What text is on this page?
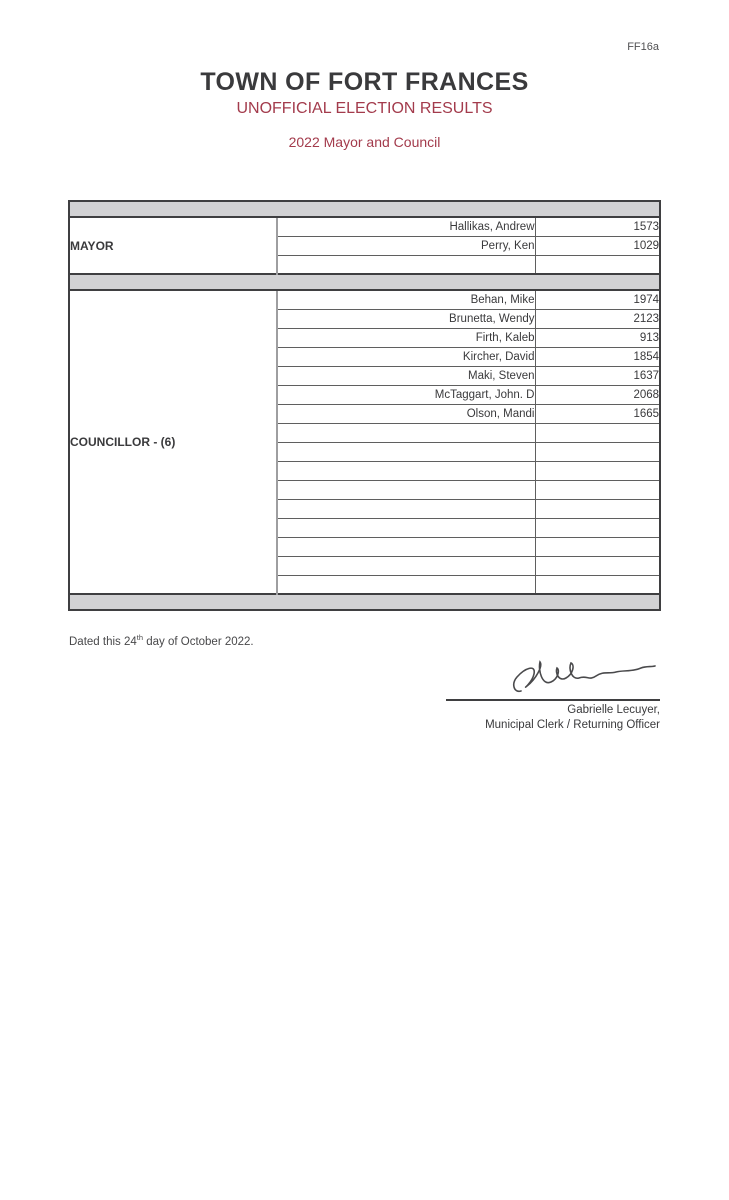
FF16a
TOWN OF FORT FRANCES
UNOFFICIAL ELECTION RESULTS
2022 Mayor and Council

MAYOR	Hallikas, Andrew	1573
	Perry, Ken	1029

COUNCILLOR - (6)	Behan, Mike	1974
	Brunetta, Wendy	2123
	Firth, Kaleb	913
	Kircher, David	1854
	Maki, Steven	1637
	McTaggart, John. D	2068
	Olson, Mandi	1665

Dated this 24th day of October 2022.
Gabrielle Lecuyer,
Municipal Clerk / Returning Officer
